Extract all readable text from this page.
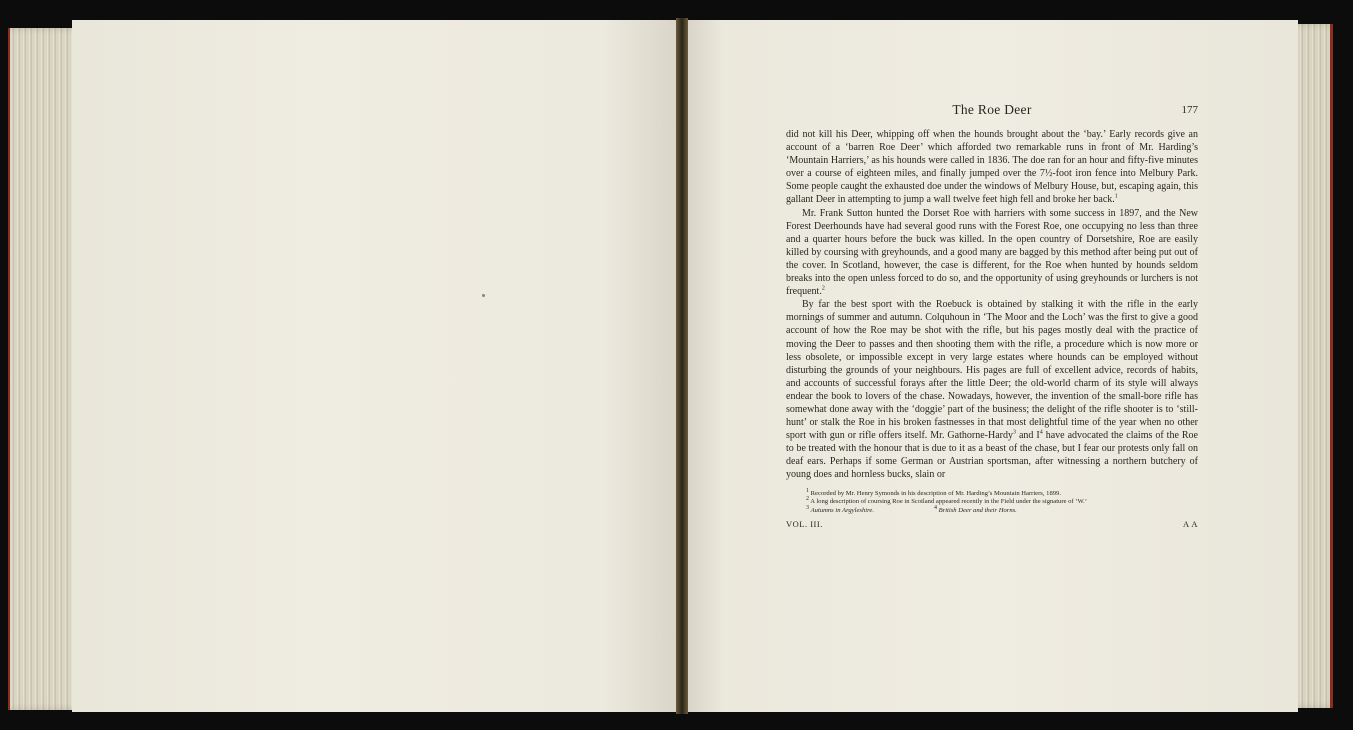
The Roe Deer	177

did not kill his Deer, whipping off when the hounds brought about the ‘bay.’ Early records give an account of a ‘barren Roe Deer’ which afforded two remarkable runs in front of Mr. Harding’s ‘Mountain Harriers,’ as his hounds were called in 1836. The doe ran for an hour and fifty-five minutes over a course of eighteen miles, and finally jumped over the 7½-foot iron fence into Melbury Park. Some people caught the exhausted doe under the windows of Melbury House, but, escaping again, this gallant Deer in attempting to jump a wall twelve feet high fell and broke her back.$^1$

Mr. Frank Sutton hunted the Dorset Roe with harriers with some success in 1897, and the New Forest Deerhounds have had several good runs with the Forest Roe, one occupying no less than three and a quarter hours before the buck was killed. In the open country of Dorsetshire, Roe are easily killed by coursing with greyhounds, and a good many are bagged by this method after being put out of the cover. In Scotland, however, the case is different, for the Roe when hunted by hounds seldom breaks into the open unless forced to do so, and the opportunity of using greyhounds or lurchers is not frequent.$^2$

By far the best sport with the Roebuck is obtained by stalking it with the rifle in the early mornings of summer and autumn. Colquhoun in ‘The Moor and the Loch’ was the first to give a good account of how the Roe may be shot with the rifle, but his pages mostly deal with the practice of moving the Deer to passes and then shooting them with the rifle, a procedure which is now more or less obsolete, or impossible except in very large estates where hounds can be employed without disturbing the grounds of your neighbours. His pages are full of excellent advice, records of habits, and accounts of successful forays after the little Deer; the old-world charm of its style will always endear the book to lovers of the chase. Nowadays, however, the invention of the small-bore rifle has somewhat done away with the ‘doggie’ part of the business; the delight of the rifle shooter is to ‘still-hunt’ or stalk the Roe in his broken fastnesses in that most delightful time of the year when no other sport with gun or rifle offers itself. Mr. Gathorne-Hardy$^3$ and $I^4$ have advocated the claims of the Roe to be treated with the honour that is due to it as a beast of the chase, but I fear our protests only fall on deaf ears. Perhaps if some German or Austrian sportsman, after witnessing a northern butchery of young does and hornless bucks, slain or

$^1$ Recorded by Mr. Henry Symonds in his description of Mr. Harding’s Mountain Harriers, 1899.
$^2$ A long description of coursing Roe in Scotland appeared recently in the Field under the signature of ‘W.’
$^3$ Autumns in Argyleshire.	$^4$ British Deer and their Horns.
VOL. III.	A A
